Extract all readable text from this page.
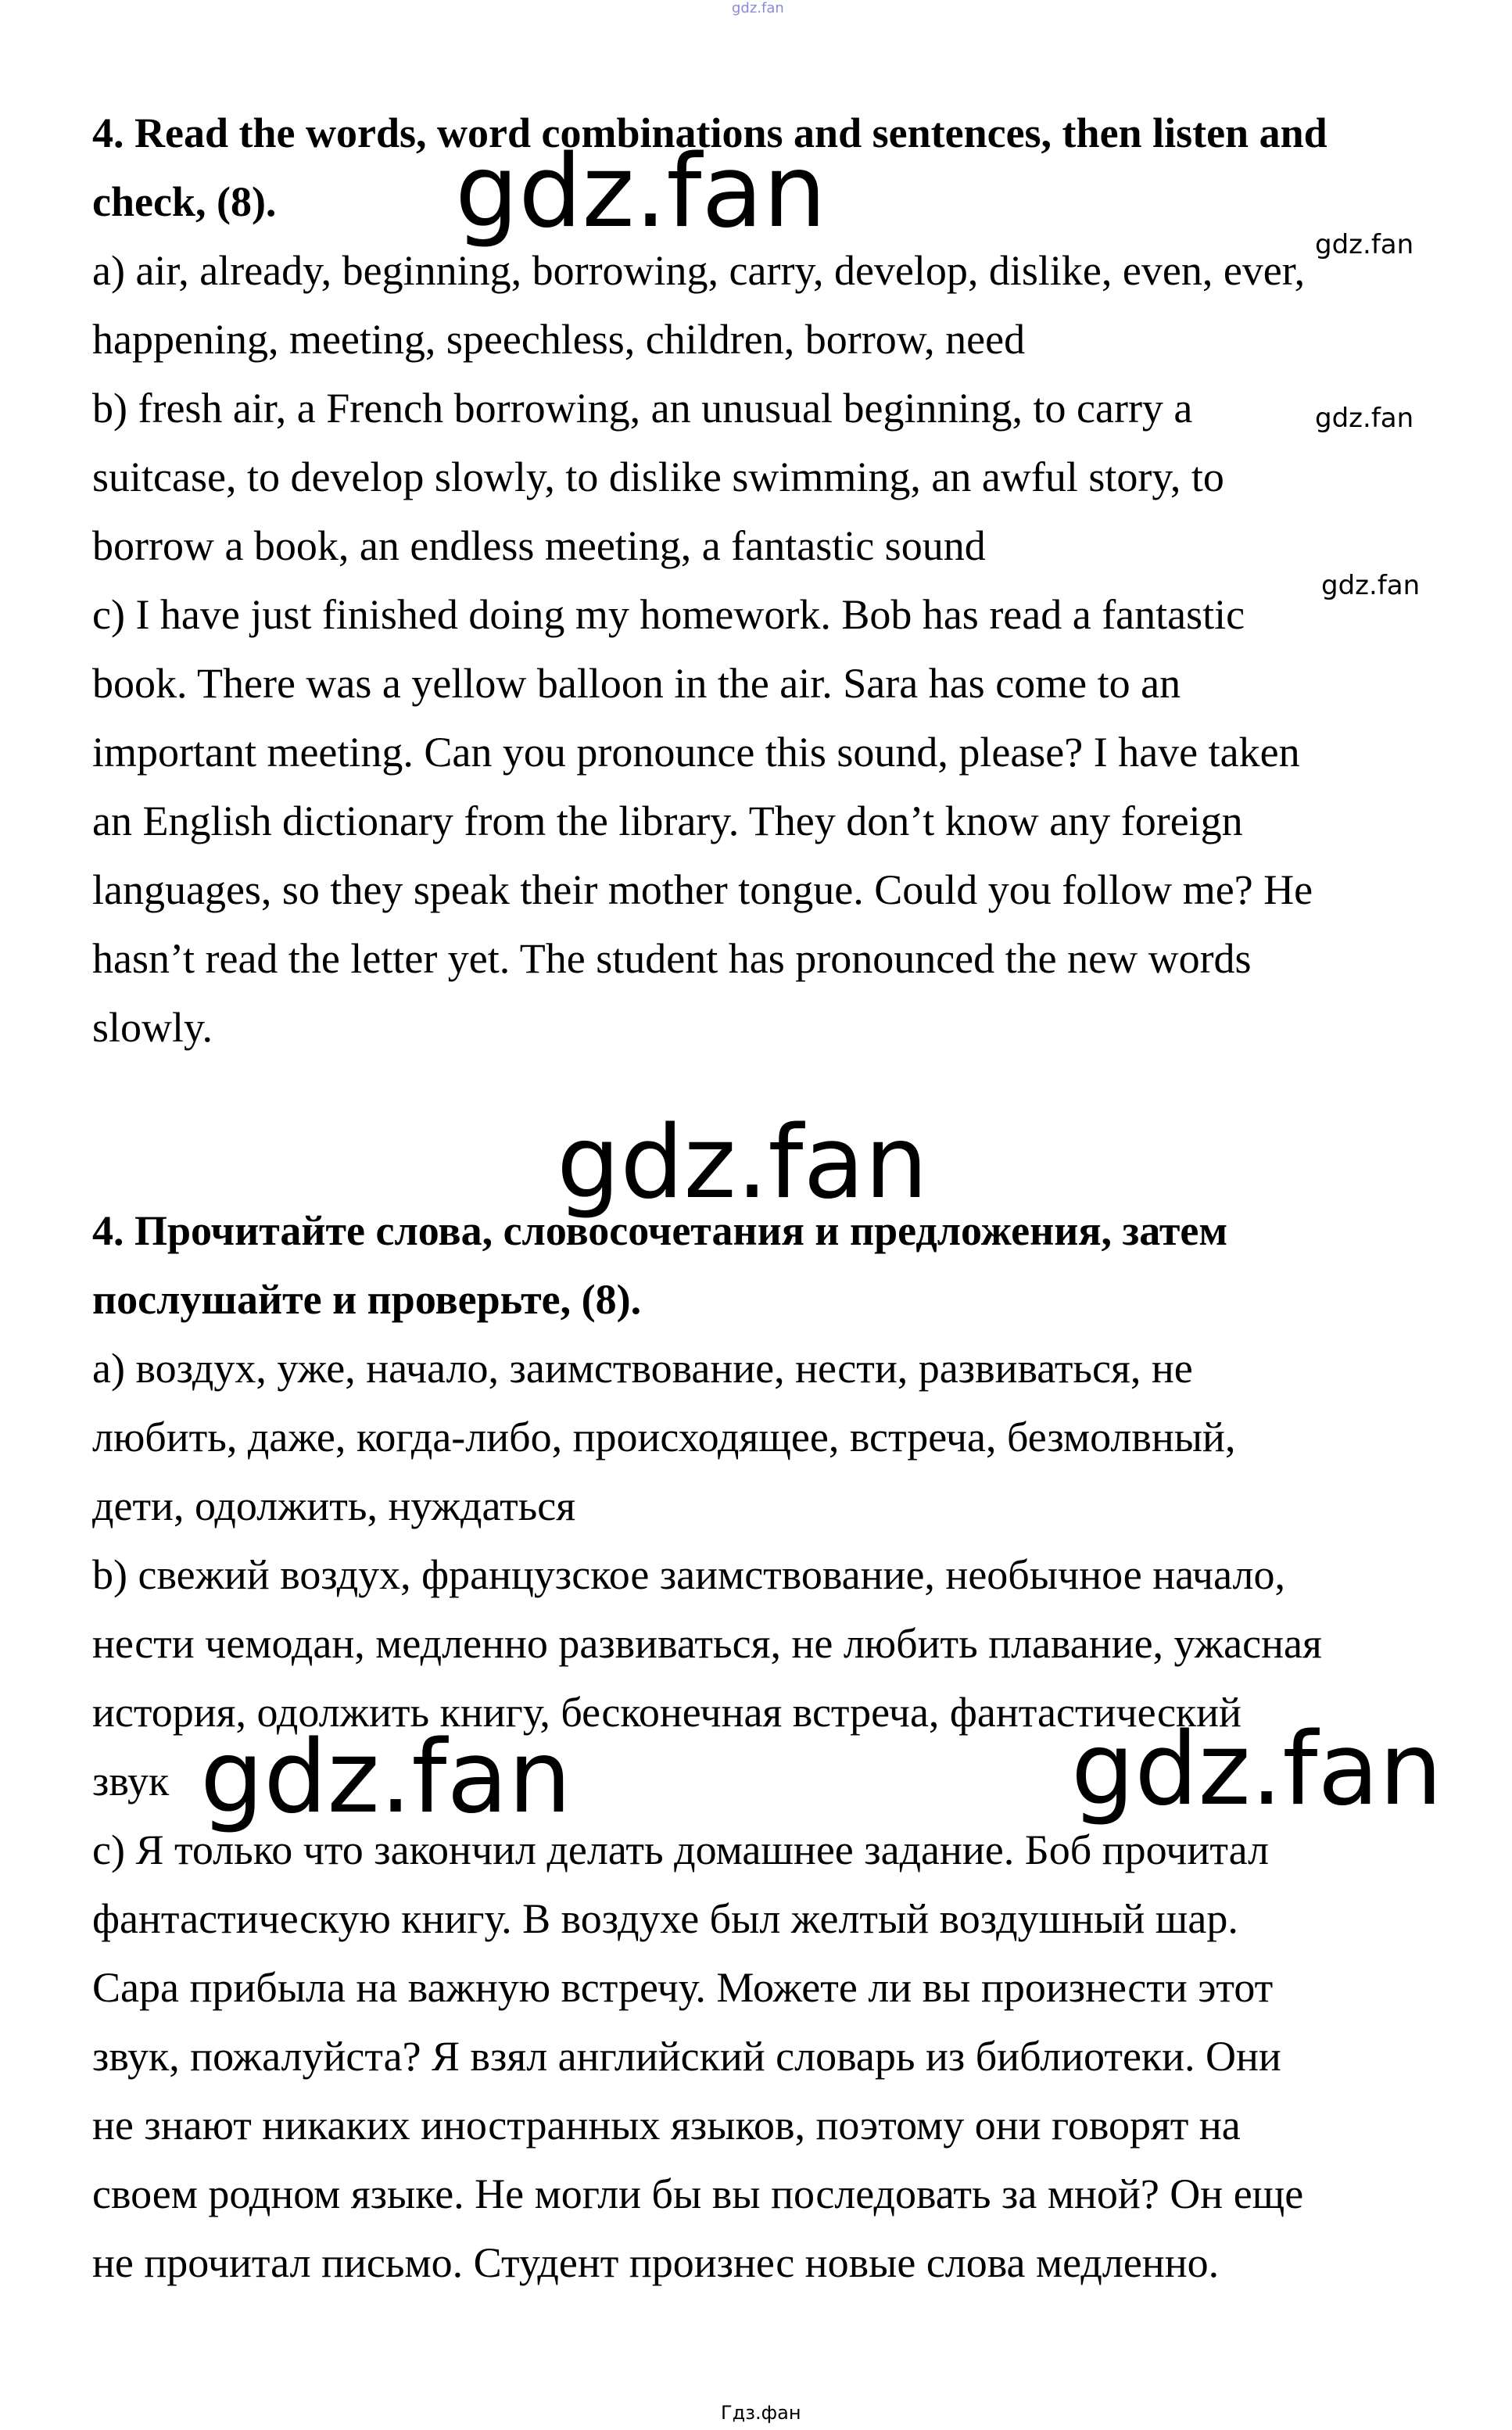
gdz.fan
4. Read the words, word combinations and sentences, then listen and
check, (8).
a) air, already, beginning, borrowing, carry, develop, dislike, even, ever,
happening, meeting, speechless, children, borrow, need
b) fresh air, a French borrowing, an unusual beginning, to carry a
suitcase, to develop slowly, to dislike swimming, an awful story, to
borrow a book, an endless meeting, a fantastic sound
c) I have just finished doing my homework. Bob has read a fantastic
book. There was a yellow balloon in the air. Sara has come to an
important meeting. Can you pronounce this sound, please? I have taken
an English dictionary from the library. They don’t know any foreign
languages, so they speak their mother tongue. Could you follow me? He
hasn’t read the letter yet. The student has pronounced the new words
slowly.
4. Прочитайте слова, словосочетания и предложения, затем
послушайте и проверьте, (8).
а) воздух, уже, начало, заимствование, нести, развиваться, не
любить, даже, когда-либо, происходящее, встреча, безмолвный,
дети, одолжить, нуждаться
b) свежий воздух, французское заимствование, необычное начало,
нести чемодан, медленно развиваться, не любить плавание, ужасная
история, одолжить книгу, бесконечная встреча, фантастический
звук
с) Я только что закончил делать домашнее задание. Боб прочитал
фантастическую книгу. В воздухе был желтый воздушный шар.
Сара прибыла на важную встречу. Можете ли вы произнести этот
звук, пожалуйста? Я взял английский словарь из библиотеки. Они
не знают никаких иностранных языков, поэтому они говорят на
своем родном языке. Не могли бы вы последовать за мной? Он еще
не прочитал письмо. Студент произнес новые слова медленно.
gdz.fan	gdz.fan
gdz.fan
gdz.fan
gdz.fan
gdz.fan	gdz.fan
Гдз.фан
